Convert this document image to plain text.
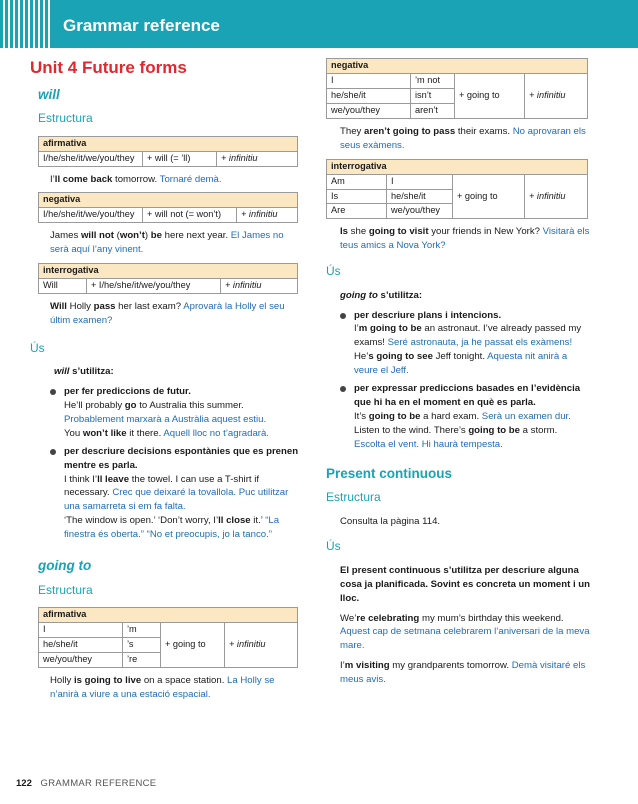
Grammar reference
Unit 4 Future forms
will
Estructura
afirmativa
I/he/she/it/we/you/they	+ will (= ’ll)	+ infinitiu

I’ll come back tomorrow. Tornaré demà.

negativa
I/he/she/it/we/you/they	+ will not (= won’t)	+ infinitiu

James will not (won’t) be here next year. El James no serà aquí l’any vinent.

interrogativa
Will	+ I/he/she/it/we/you/they	+ infinitiu

Will Holly pass her last exam? Aprovarà la Holly el seu últim examen?

Ús
will s’utilitza:
per fer prediccions de futur.
He’ll probably go to Australia this summer.
Probablement marxarà a Austràlia aquest estiu.
You won’t like it there. Aquell lloc no t’agradarà.
per descriure decisions espontànies que es prenen mentre es parla.
I think I’ll leave the towel. I can use a T-shirt if necessary. Crec que deixaré la tovallola. Puc utilitzar una samarreta si em fa falta.
‘The window is open.’ ‘Don’t worry, I’ll close it.’ “La finestra és oberta.” “No et preocupis, jo la tanco.”
going to
Estructura
afirmativa			
I	’m	+ going to	+ infinitiu
he/she/it	’s		
we/you/they	’re		

Holly is going to live on a space station. La Holly se n’anirà a viure a una estació espacial.

negativa			
I	’m not	+ going to	+ infinitiu
he/she/it	isn’t		
we/you/they	aren’t		

They aren’t going to pass their exams. No aprovaran els seus exàmens.

interrogativa			
Am	I	+ going to	+ infinitiu
Is	he/she/it		
Are	we/you/they		

Is she going to visit your friends in New York? Visitarà els teus amics a Nova York?

Ús
going to s’utilitza:
per descriure plans i intencions.
I’m going to be an astronaut. I’ve already passed my exams! Seré astronauta, ja he passat els exàmens!
He’s going to see Jeff tonight. Aquesta nit anirà a veure el Jeff.
per expressar prediccions basades en l’evidència que hi ha en el moment en què es parla.
It’s going to be a hard exam. Serà un examen dur.
Listen to the wind. There’s going to be a storm.
Escolta el vent. Hi haurà tempesta.
Present continuous
Estructura

Consulta la pàgina 114.

Ús

El present continuous s’utilitza per descriure alguna cosa ja planificada. Sovint es concreta un moment i un lloc.

We’re celebrating my mum’s birthday this weekend. Aquest cap de setmana celebrarem l’aniversari de la meva mare.

I’m visiting my grandparents tomorrow. Demà visitaré els meus avis.

122 GRAMMAR REFERENCE
